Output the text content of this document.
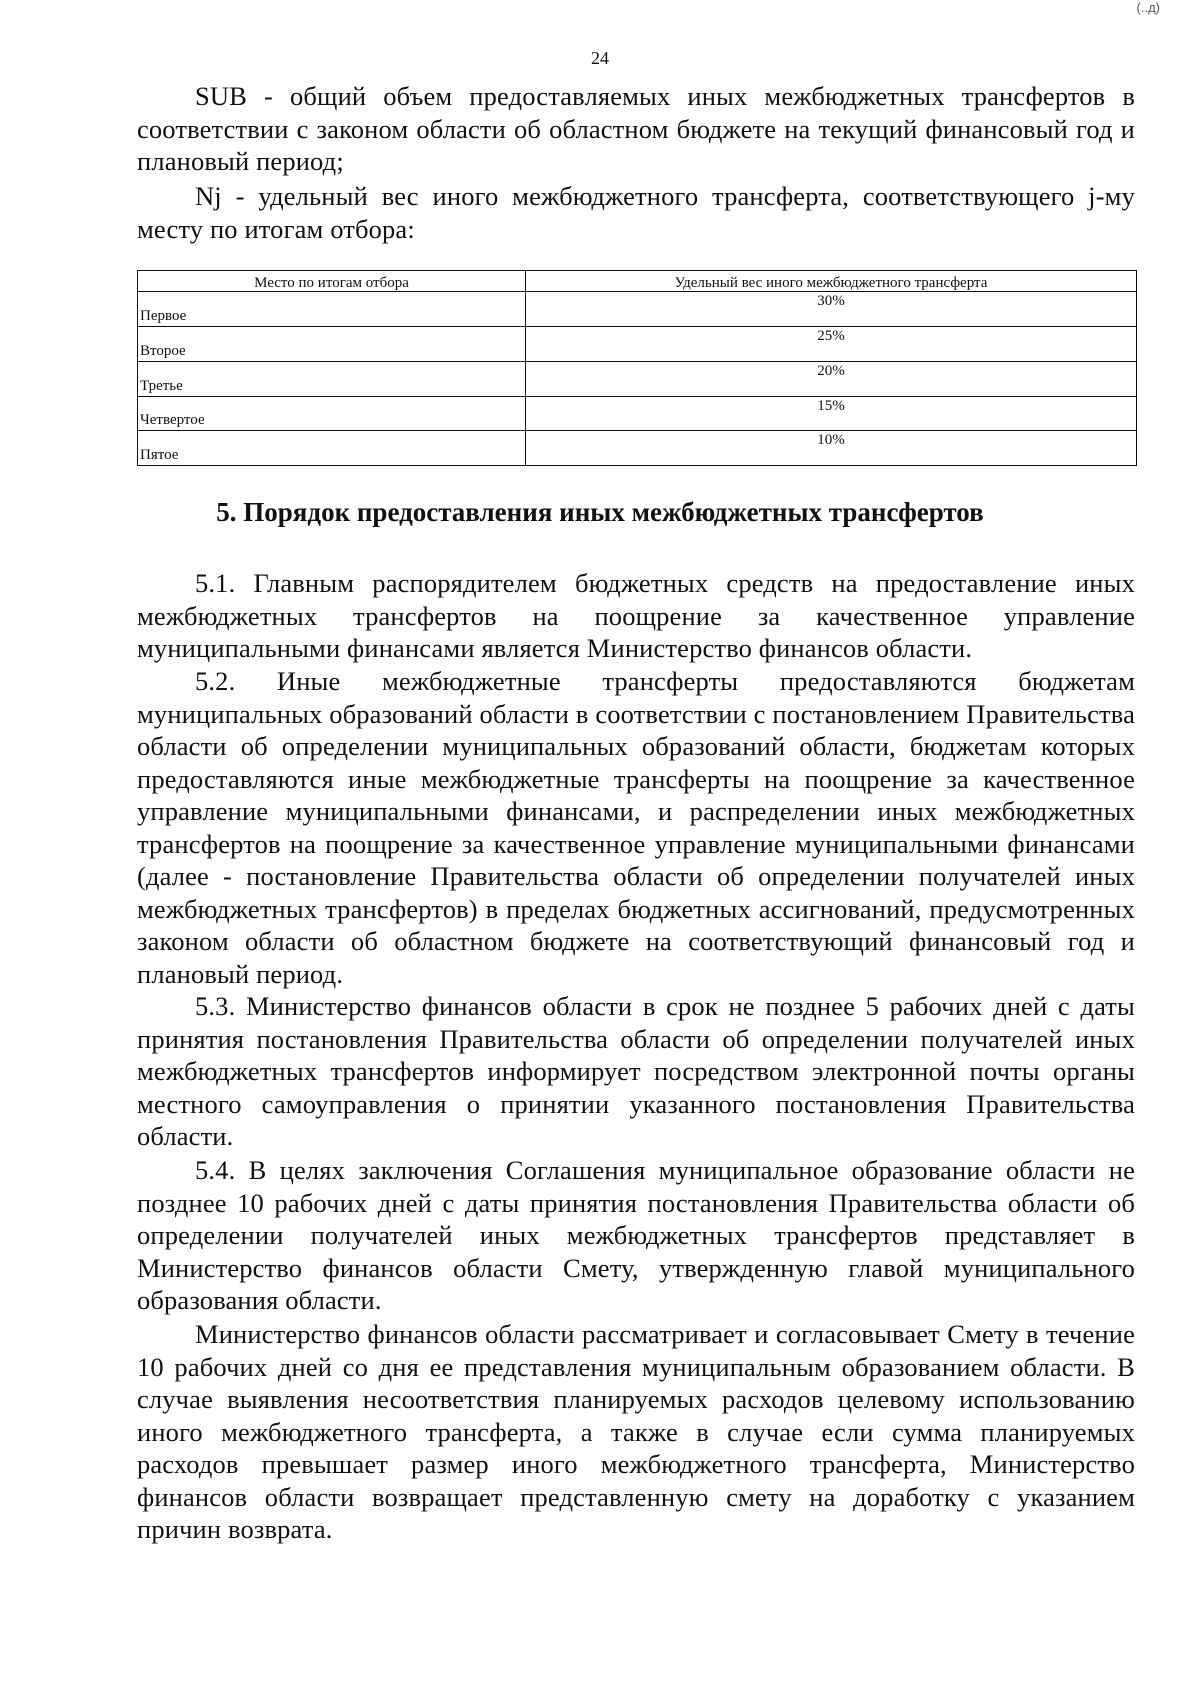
(..д)
24

SUB - общий объем предоставляемых иных межбюджетных трансфертов в соответствии с законом области об областном бюджете на текущий финансовый год и плановый период;

Nj - удельный вес иного межбюджетного трансферта, соответствующего j-му месту по итогам отбора:

Место по итогам отбора	Удельный вес иного межбюджетного трансферта
Первое	30%
Второе	25%
Третье	20%
Четвертое	15%
Пятое	10%
5. Порядок предоставления иных межбюджетных трансфертов

5.1. Главным распорядителем бюджетных средств на предоставление иных межбюджетных трансфертов на поощрение за качественное управление муниципальными финансами является Министерство финансов области.

5.2. Иные межбюджетные трансферты предоставляются бюджетам муниципальных образований области в соответствии с постановлением Правительства области об определении муниципальных образований области, бюджетам которых предоставляются иные межбюджетные трансферты на поощрение за качественное управление муниципальными финансами, и распределении иных межбюджетных трансфертов на поощрение за качественное управление муниципальными финансами (далее - постановление Правительства области об определении получателей иных межбюджетных трансфертов) в пределах бюджетных ассигнований, предусмотренных законом области об областном бюджете на соответствующий финансовый год и плановый период.

5.3. Министерство финансов области в срок не позднее 5 рабочих дней с даты принятия постановления Правительства области об определении получателей иных межбюджетных трансфертов информирует посредством электронной почты органы местного самоуправления о принятии указанного постановления Правительства области.

5.4. В целях заключения Соглашения муниципальное образование области не позднее 10 рабочих дней с даты принятия постановления Правительства области об определении получателей иных межбюджетных трансфертов представляет в Министерство финансов области Смету, утвержденную главой муниципального образования области.

Министерство финансов области рассматривает и согласовывает Смету в течение 10 рабочих дней со дня ее представления муниципальным образованием области. В случае выявления несоответствия планируемых расходов целевому использованию иного межбюджетного трансферта, а также в случае если сумма планируемых расходов превышает размер иного межбюджетного трансферта, Министерство финансов области возвращает представленную смету на доработку с указанием причин возврата.
